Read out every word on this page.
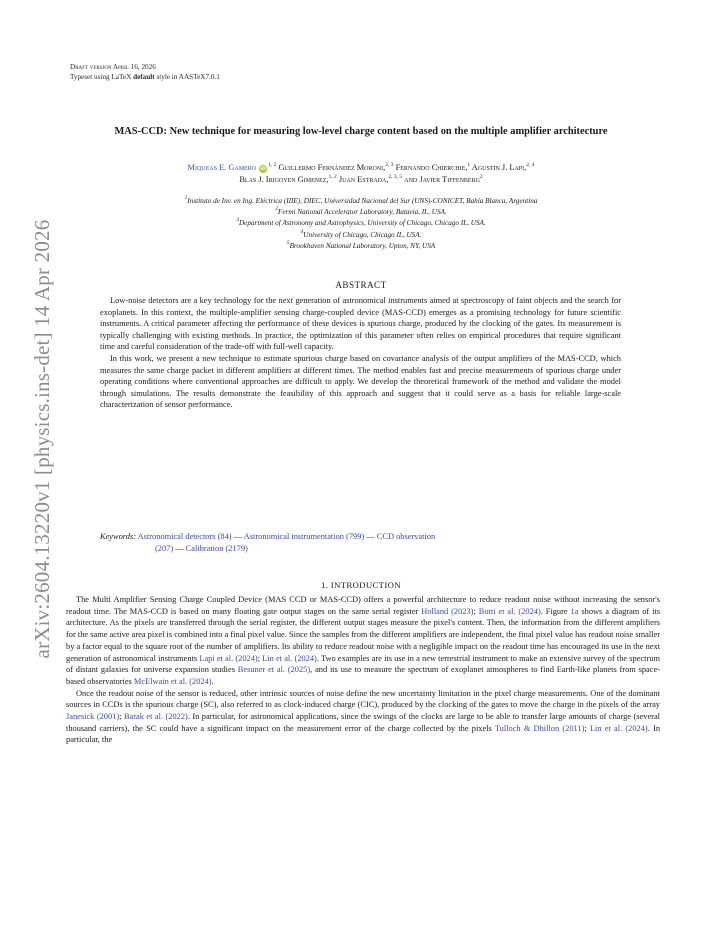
arXiv:2604.13220v1 [physics.ins-det] 14 Apr 2026
Draft version April 16, 2026
Typeset using LaTeX default style in AASTeX7.0.1
MAS-CCD: New technique for measuring low-level charge content based on the multiple amplifier architecture
Miqueas E. Gamero iD$^{1, 2}$ Guillermo Fernández Moroni,$^{2, 3}$ Fernando Chierchie,$^1$ Agustin J. Lapi,$^{2, 4}$
Blas J. Irigoyen Gimenez,$^{1, 2}$ Juan Estrada,$^{2, 3, 5}$ and Javier Tiffenberg$^2$
$^1$Instituto de Inv. en Ing. Eléctrica (IIIE), DIEC, Universidad Nacional del Sur (UNS)-CONICET, Bahía Blanca, Argentina
$^2$Fermi National Accelerator Laboratory, Batavia, IL, USA.
$^3$Department of Astronomy and Astrophysics, University of Chicago, Chicago IL, USA.
$^4$University of Chicago, Chicago IL, USA.
$^5$Brookhaven National Laboratory, Upton, NY, USA
ABSTRACT

Low-noise detectors are a key technology for the next generation of astronomical instruments aimed at spectroscopy of faint objects and the search for exoplanets. In this context, the multiple-amplifier sensing charge-coupled device (MAS-CCD) emerges as a promising technology for future scientific instruments. A critical parameter affecting the performance of these devices is spurious charge, produced by the clocking of the gates. Its measurement is typically challenging with existing methods. In practice, the optimization of this parameter often relies on empirical procedures that require significant time and careful consideration of the trade-off with full-well capacity.

In this work, we present a new technique to estimate spurious charge based on covariance analysis of the output amplifiers of the MAS-CCD, which measures the same charge packet in different amplifiers at different times. The method enables fast and precise measurements of spurious charge under operating conditions where conventional approaches are difficult to apply. We develop the theoretical framework of the method and validate the model through simulations. The results demonstrate the feasibility of this approach and suggest that it could serve as a basis for reliable large-scale characterization of sensor performance.

Keywords: Astronomical detectors (84) — Astronomical instrumentation (799) — CCD observation
(207) — Calibration (2179)
1. INTRODUCTION

The Multi Amplifier Sensing Charge Coupled Device (MAS CCD or MAS-CCD) offers a powerful architecture to reduce readout noise without increasing the sensor's readout time. The MAS-CCD is based on many floating gate output stages on the same serial register Holland (2023); Botti et al. (2024). Figure 1a shows a diagram of its architecture. As the pixels are transferred through the serial register, the different output stages measure the pixel's content. Then, the information from the different amplifiers for the same active area pixel is combined into a final pixel value. Since the samples from the different amplifiers are independent, the final pixel value has readout noise smaller by a factor equal to the square root of the number of amplifiers. Its ability to reduce readout noise with a negligible impact on the readout time has encouraged its use in the next generation of astronomical instruments Lapi et al. (2024); Lin et al. (2024). Two examples are its use in a new terrestrial instrument to make an extensive survey of the spectrum of distant galaxies for universe expansion studies Besuner et al. (2025), and its use to measure the spectrum of exoplanet atmospheres to find Earth-like planets from space-based observatories McElwain et al. (2024).

Once the readout noise of the sensor is reduced, other intrinsic sources of noise define the new uncertainty limitation in the pixel charge measurements. One of the dominant sources in CCDs is the spurious charge (SC), also referred to as clock-induced charge (CIC), produced by the clocking of the gates to move the charge in the pixels of the array Janesick (2001); Barak et al. (2022). In particular, for astronomical applications, since the swings of the clocks are large to be able to transfer large amounts of charge (several thousand carriers), the SC could have a significant impact on the measurement error of the charge collected by the pixels Tulloch & Dhillon (2011); Lin et al. (2024). In particular, the
